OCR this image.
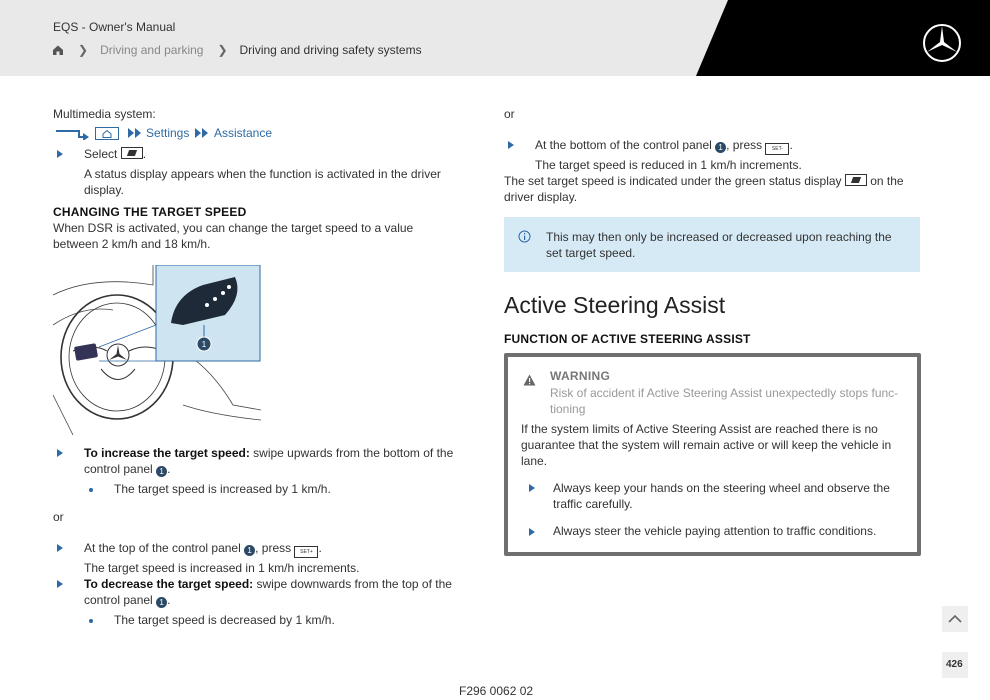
EQS - Owner's Manual
❯ Driving and parking ❯ Driving and driving safety systems
Multimedia system:
Settings Assistance
Select .
A status display appears when the function is activated in the driver display.
CHANGING THE TARGET SPEED
When DSR is activated, you can change the target speed to a value between 2 km/h and 18 km/h.
1
To increase the target speed: swipe upwards from the bottom of the control panel 1 .
The target speed is increased by 1 km/h.
or
At the top of the control panel 1 , press SET+ .
The target speed is increased in 1 km/h increments.
To decrease the target speed: swipe downwards from the top of the control panel 1 .
The target speed is decreased by 1 km/h.
or
At the bottom of the control panel 1 , press SET- .
The target speed is reduced in 1 km/h increments.
The set target speed is indicated under the green status display on the driver display.
This may then only be increased or decreased upon reaching the set target speed.
Active Steering Assist
FUNCTION OF ACTIVE STEERING ASSIST
WARNING
Risk of accident if Active Steering Assist unexpectedly stops func-tioning
If the system limits of Active Steering Assist are reached there is no guarantee that the system will remain active or will keep the vehicle in lane.
Always keep your hands on the steering wheel and observe the traffic carefully.
Always steer the vehicle paying attention to traffic conditions.
426
F296 0062 02
